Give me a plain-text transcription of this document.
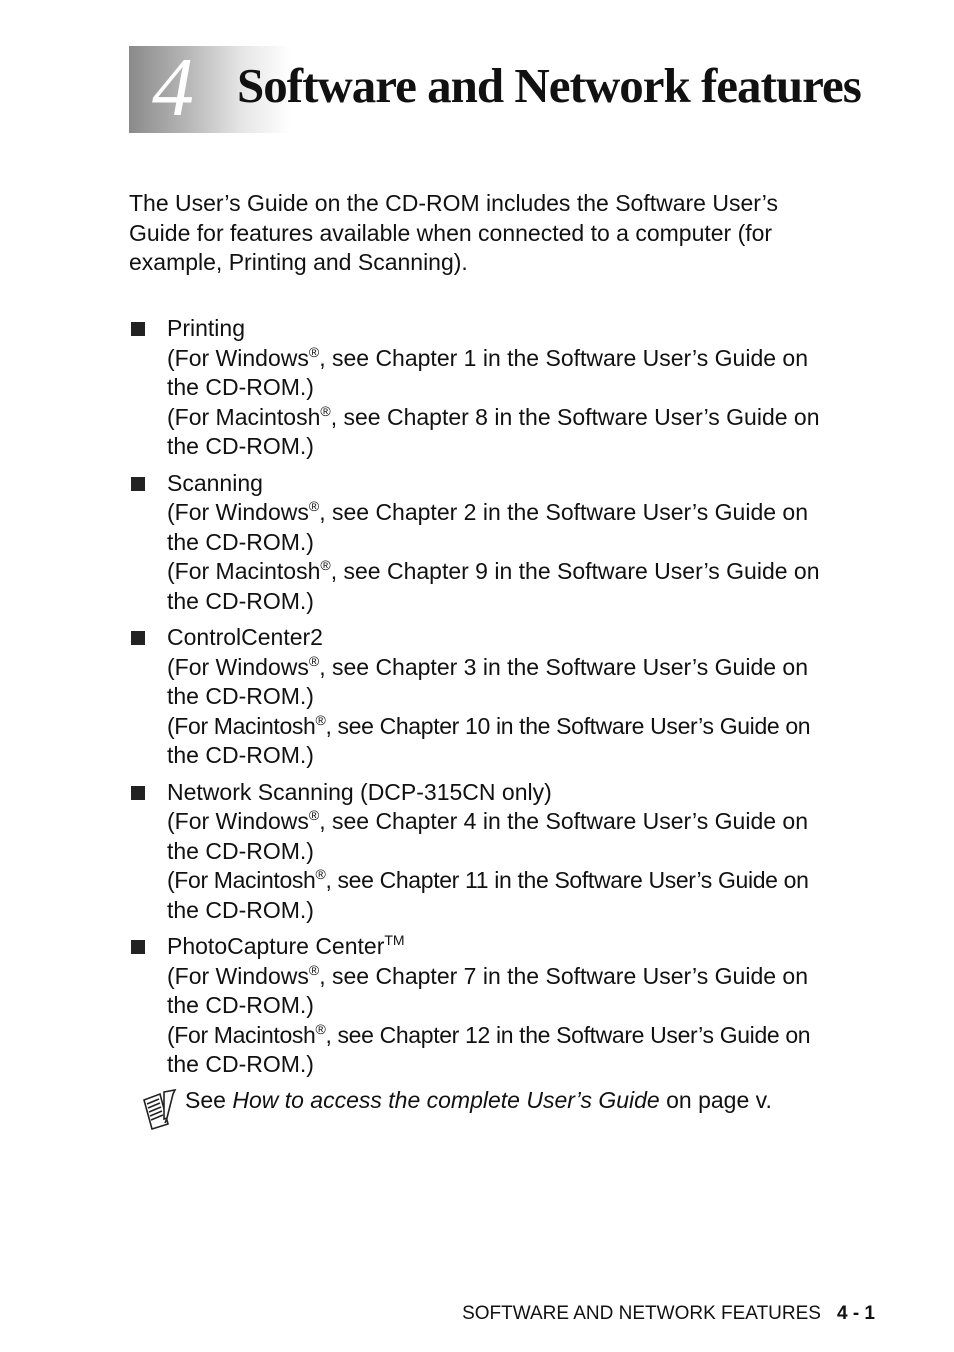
4 Software and Network features
The User’s Guide on the CD-ROM includes the Software User’s
Guide for features available when connected to a computer (for
example, Printing and Scanning).
Printing
(For Windows®, see Chapter 1 in the Software User’s Guide on
the CD-ROM.)
(For Macintosh®, see Chapter 8 in the Software User’s Guide on
the CD-ROM.)
Scanning
(For Windows®, see Chapter 2 in the Software User’s Guide on
the CD-ROM.)
(For Macintosh®, see Chapter 9 in the Software User’s Guide on
the CD-ROM.)
ControlCenter2
(For Windows®, see Chapter 3 in the Software User’s Guide on
the CD-ROM.)
(For Macintosh®, see Chapter 10 in the Software User’s Guide on
the CD-ROM.)
Network Scanning (DCP-315CN only)
(For Windows®, see Chapter 4 in the Software User’s Guide on
the CD-ROM.)
(For Macintosh®, see Chapter 11 in the Software User’s Guide on
the CD-ROM.)
PhotoCapture Center™
(For Windows®, see Chapter 7 in the Software User’s Guide on
the CD-ROM.)
(For Macintosh®, see Chapter 12 in the Software User’s Guide on
the CD-ROM.)
See How to access the complete User’s Guide on page v.
SOFTWARE AND NETWORK FEATURES 4 - 1
